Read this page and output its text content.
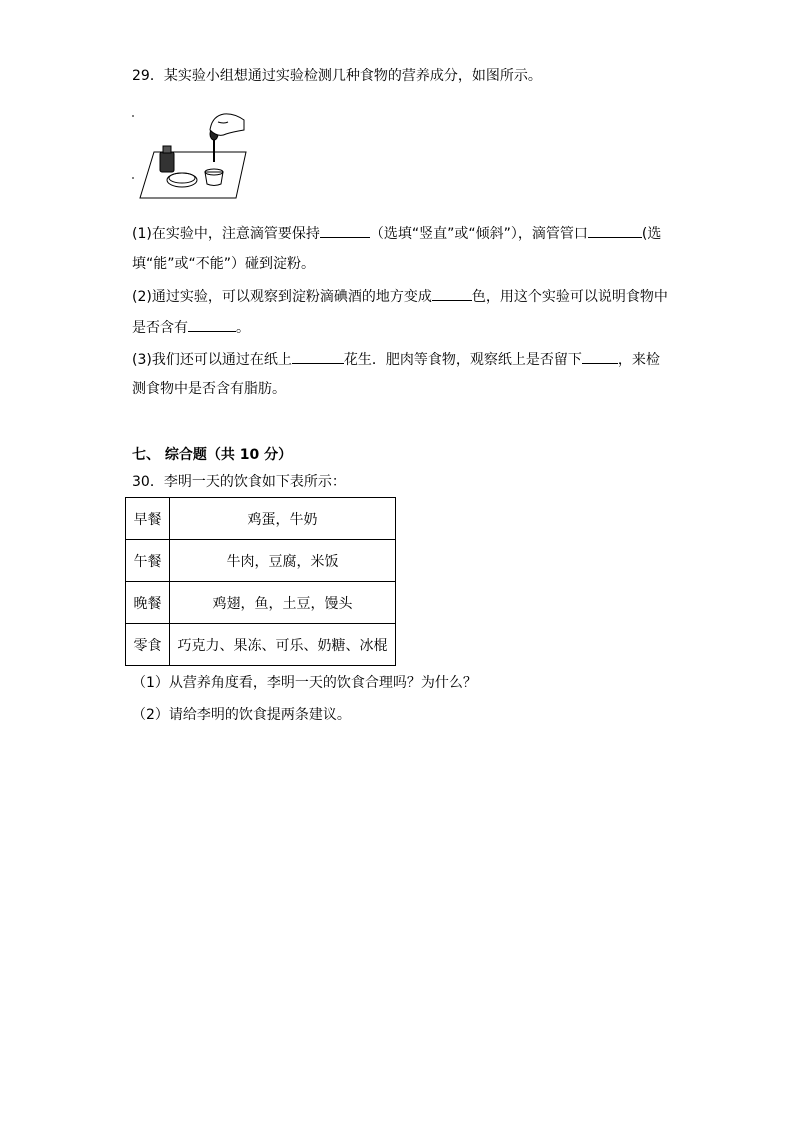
29．某实验小组想通过实验检测几种食物的营养成分，如图所示。
(1)在实验中，注意滴管要保持	（选填“竖直”或“倾斜”），滴管管口	(选
填“能”或“不能”）碰到淀粉。
(2)通过实验，可以观察到淀粉滴碘酒的地方变成	色，用这个实验可以说明食物中
是否含有	。
(3)我们还可以通过在纸上	花生．肥肉等食物，观察纸上是否留下	，来检
测食物中是否含有脂肪。
七、 综合题（共 10 分）
30．李明一天的饮食如下表所示：
早餐	鸡蛋，牛奶
午餐	牛肉，豆腐，米饭
晚餐	鸡翅，鱼，土豆，馒头
零食	巧克力、果冻、可乐、奶糖、冰棍
（1）从营养角度看，李明一天的饮食合理吗？为什么？
（2）请给李明的饮食提两条建议。
